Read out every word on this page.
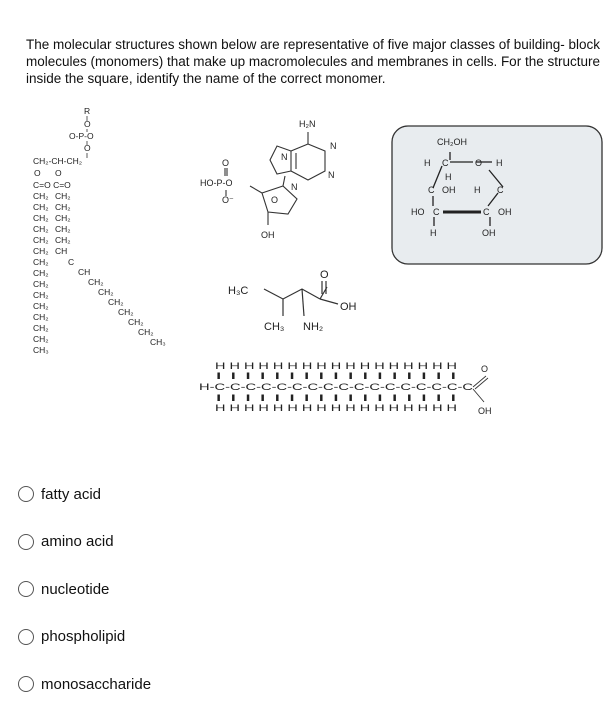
The molecular structures shown below are representative of five major classes of building- block molecules (monomers) that make up macromolecules and membranes in cells. For the structure inside the square, identify the name of the correct monomer.

R
O
O-P-O
O
CH₂-CH-CH₂
O O
C=O C=O
CH₂
CH₂
CH₂
CH₂
CH₂
CH₂
CH₂
CH₂
CH₂
CH₂
CH₂
CH₂
CH₂
CH₂
CH₃
CH₂
CH₂
CH₂
CH₂
CH₂
CH
C
CH
CH₂
CH₂
CH₂
CH₂
CH₂
CH₂
CH₃
H₂N
N
N
N
N
O
HO-P-O
O⁻	O
OH
H₃C
O
OH
CH₃ NH₂
H H H H H H H H H H H H H H H H H
I I I I I I I I I I I I I I I I I
H-C-C-C-C-C-C-C-C-C-C-C-C-C-C-C-C-C
I I I I I I I I I I I I I I I I I
H H H H H H H H H H H H H H H H H
O
OH
CH₂OH
H C	O H
H
C OH H C
HO C	C OH
H	OH
fatty acid
amino acid
nucleotide
phospholipid
monosaccharide
